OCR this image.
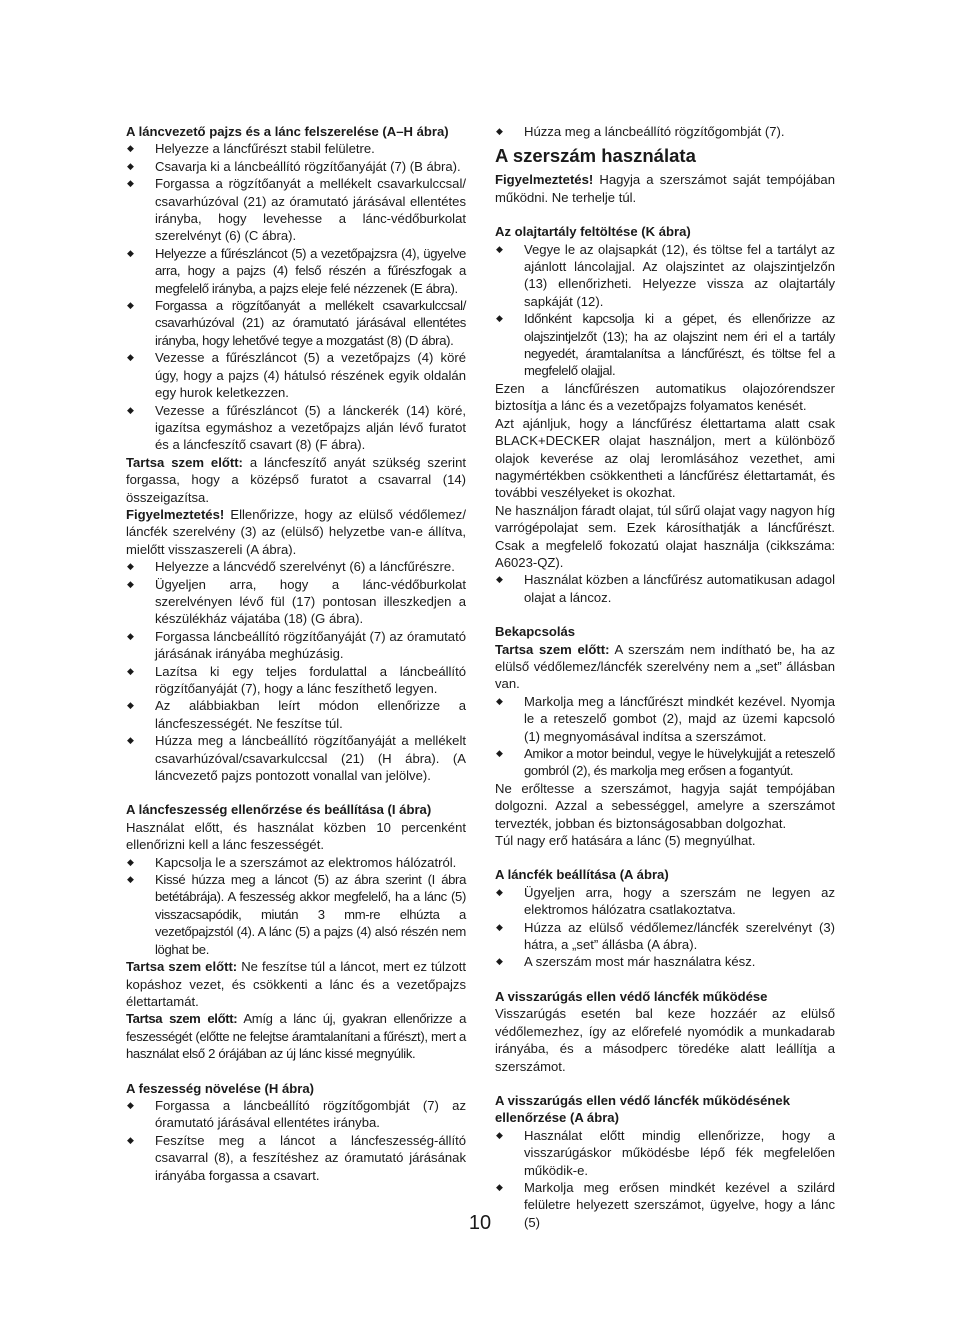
A láncvezető pajzs és a lánc felszerelése (A–H ábra)

◆ Helyezze a láncfűrészt stabil felületre.
◆ Csavarja ki a láncbeállító rögzítőanyáját (7) (B ábra).
◆ Forgassa a rögzítőanyát a mellékelt csavarkulccsal/ csavarhúzóval (21) az óramutató járásával ellentétes irányba, hogy levehesse a lánc-védőburkolat szerelvényt (6) (C ábra).
◆ Helyezze a fűrészláncot (5) a vezetőpajzsra (4), ügyelve arra, hogy a pajzs (4) felső részén a fűrészfogak a megfelelő irányba, a pajzs eleje felé nézzenek (E ábra).
◆ Forgassa a rögzítőanyát a mellékelt csavarkulccsal/ csavarhúzóval (21) az óramutató járásával ellentétes irányba, hogy lehetővé tegye a mozgatást (8) (D ábra).
◆ Vezesse a fűrészláncot (5) a vezetőpajzs (4) köré úgy, hogy a pajzs (4) hátulsó részének egyik oldalán egy hurok keletkezzen.
◆ Vezesse a fűrészláncot (5) a lánckerék (14) köré, igazítsa egymáshoz a vezetőpajzs alján lévő furatot és a láncfeszítő csavart (8) (F ábra).

Tartsa szem előtt: a láncfeszítő anyát szükség szerint forgassa, hogy a középső furatot a csavarral (14) összeigazítsa.

Figyelmeztetés! Ellenőrizze, hogy az elülső védőlemez/ láncfék szerelvény (3) az (elülső) helyzetbe van-e állítva, mielőtt visszaszereli (A ábra).

◆ Helyezze a láncvédő szerelvényt (6) a láncfűrészre.
◆ Ügyeljen arra, hogy a lánc-védőburkolat szerelvényen lévő fül (17) pontosan illeszkedjen a készülékház vájatába (18) (G ábra).
◆ Forgassa láncbeállító rögzítőanyáját (7) az óramutató járásának irányába meghúzásig.
◆ Lazítsa ki egy teljes fordulattal a láncbeállító rögzítőanyáját (7), hogy a lánc feszíthető legyen.
◆ Az alábbiakban leírt módon ellenőrizze a láncfeszességét. Ne feszítse túl.
◆ Húzza meg a láncbeállító rögzítőanyáját a mellékelt csavarhúzóval/csavarkulccsal (21) (H ábra). (A láncvezető pajzs pontozott vonallal van jelölve).

A láncfeszesség ellenőrzése és beállítása (I ábra)

Használat előtt, és használat közben 10 percenként ellenőrizni kell a lánc feszességét.

◆ Kapcsolja le a szerszámot az elektromos hálózatról.
◆ Kissé húzza meg a láncot (5) az ábra szerint (I ábra betétábrája). A feszesség akkor megfelelő, ha a lánc (5) visszacsapódik, miután 3 mm-re elhúzta a vezetőpajzstól (4). A lánc (5) a pajzs (4) alsó részén nem löghat be.

Tartsa szem előtt: Ne feszítse túl a láncot, mert ez túlzott kopáshoz vezet, és csökkenti a lánc és a vezetőpajzs élettartamát.

Tartsa szem előtt: Amíg a lánc új, gyakran ellenőrizze a feszességét (előtte ne felejtse áramtalanítani a fűrészt), mert a használat első 2 órájában az új lánc kissé megnyúlik.

A feszesség növelése (H ábra)

◆ Forgassa a láncbeállító rögzítőgombját (7) az óramutató járásával ellentétes irányba.
◆ Feszítse meg a láncot a láncfeszesség-állító csavarral (8), a feszítéshez az óramutató járásának irányába forgassa a csavart.
◆ Húzza meg a láncbeállító rögzítőgombját (7).

A szerszám használata

Figyelmeztetés! Hagyja a szerszámot saját tempójában működni. Ne terhelje túl.

Az olajtartály feltöltése (K ábra)

◆ Vegye le az olajsapkát (12), és töltse fel a tartályt az ajánlott láncolajjal. Az olajszintet az olajszintjelzőn (13) ellenőrizheti. Helyezze vissza az olajtartály sapkáját (12).
◆ Időnként kapcsolja ki a gépet, és ellenőrizze az olajszintjelzőt (13); ha az olajszint nem éri el a tartály negyedét, áramtalanítsa a láncfűrészt, és töltse fel a megfelelő olajjal.

Ezen a láncfűrészen automatikus olajozórendszer biztosítja a lánc és a vezetőpajzs folyamatos kenését.

Azt ajánljuk, hogy a láncfűrész élettartama alatt csak BLACK+DECKER olajat használjon, mert a különböző olajok keverése az olaj leromlásához vezethet, ami nagymértékben csökkentheti a láncfűrész élettartamát, és további veszélyeket is okozhat.

Ne használjon fáradt olajat, túl sűrű olajat vagy nagyon híg varrógépolajat sem. Ezek károsíthatják a láncfűrészt. Csak a megfelelő fokozatú olajat használja (cikkszáma: A6023-QZ).

◆ Használat közben a láncfűrész automatikusan adagol olajat a láncoz.

Bekapcsolás

Tartsa szem előtt: A szerszám nem indítható be, ha az elülső védőlemez/láncfék szerelvény nem a „set” állásban van.

◆ Markolja meg a láncfűrészt mindkét kezével. Nyomja le a reteszelő gombot (2), majd az üzemi kapcsoló (1) megnyomásával indítsa a szerszámot.
◆ Amikor a motor beindul, vegye le hüvelykujját a reteszelő gombról (2), és markolja meg erősen a fogantyút.

Ne erőltesse a szerszámot, hagyja saját tempójában dolgozni. Azzal a sebességgel, amelyre a szerszámot tervezték, jobban és biztonságosabban dolgozhat.

Túl nagy erő hatására a lánc (5) megnyúlhat.

A láncfék beállítása (A ábra)

◆ Ügyeljen arra, hogy a szerszám ne legyen az elektromos hálózatra csatlakoztatva.
◆ Húzza az elülső védőlemez/láncfék szerelvényt (3) hátra, a „set” állásba (A ábra).
◆ A szerszám most már használatra kész.

A visszarúgás ellen védő láncfék működése

Visszarúgás esetén bal keze hozzáér az elülső védőlemezhez, így az előrefelé nyomódik a munkadarab irányába, és a másodperc töredéke alatt leállítja a szerszámot.

A visszarúgás ellen védő láncfék működésének ellenőrzése (A ábra)

◆ Használat előtt mindig ellenőrizze, hogy a visszarúgáskor működésbe lépő fék megfelelően működik-e.
◆ Markolja meg erősen mindkét kezével a szilárd felületre helyezett szerszámot, ügyelve, hogy a lánc (5)
10
